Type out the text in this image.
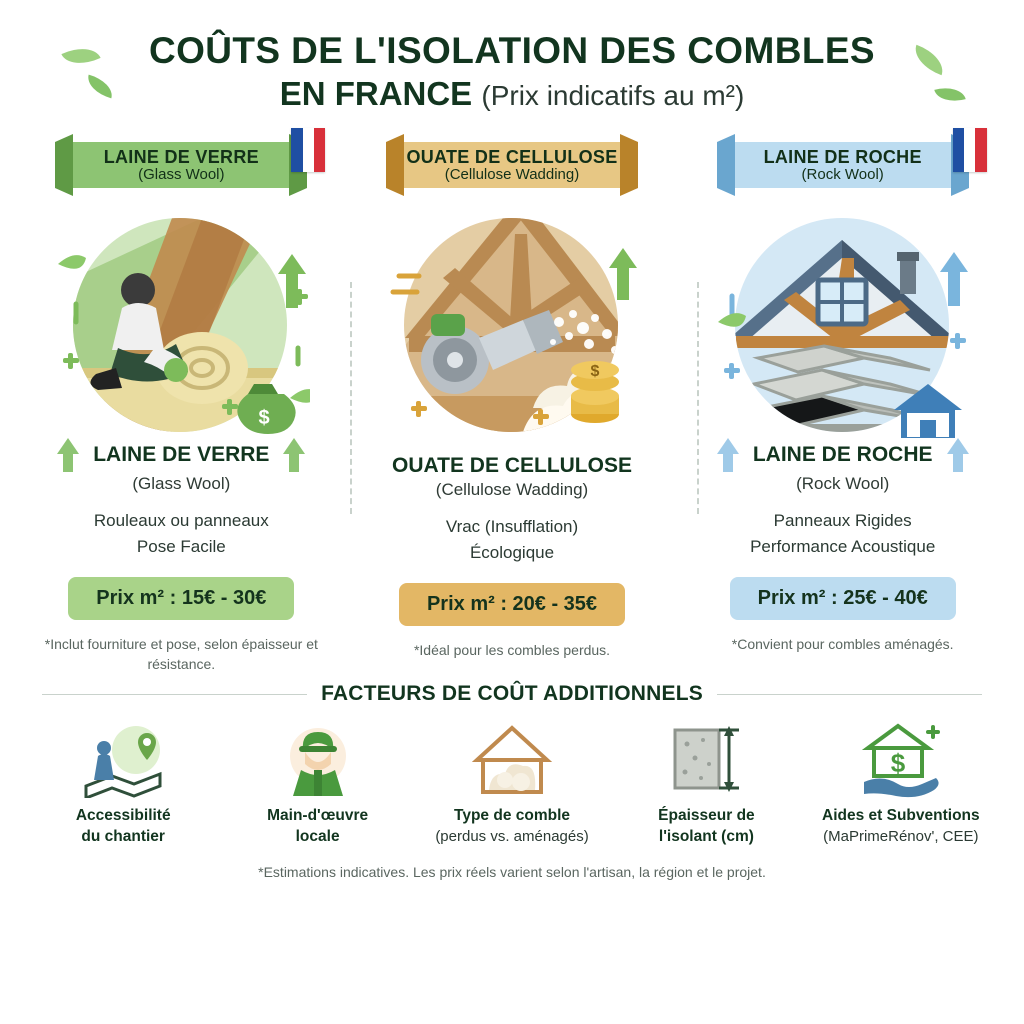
COÛTS DE L'ISOLATION DES COMBLES
EN FRANCE (Prix indicatifs au m²)
LAINE DE VERRE
(Glass Wool)
$
LAINE DE VERRE
(Glass Wool)
Rouleaux ou panneaux
Pose Facile
Prix m² : 15€ - 30€
*Inclut fourniture et pose, selon épaisseur et résistance.
OUATE DE CELLULOSE
(Cellulose Wadding)
$
OUATE DE CELLULOSE
(Cellulose Wadding)
Vrac (Insufflation)
Écologique
Prix m² : 20€ - 35€
*Idéal pour les combles perdus.
LAINE DE ROCHE
(Rock Wool)
LAINE DE ROCHE
(Rock Wool)
Panneaux Rigides
Performance Acoustique
Prix m² : 25€ - 40€
*Convient pour combles aménagés.
FACTEURS DE COÛT ADDITIONNELS
Accessibilité
du chantier
Main-d'œuvre
locale
Type de comble
(perdus vs. aménagés)
Épaisseur de
l'isolant (cm)
$
Aides et Subventions
(MaPrimeRénov', CEE)
*Estimations indicatives. Les prix réels varient selon l'artisan, la région et le projet.
